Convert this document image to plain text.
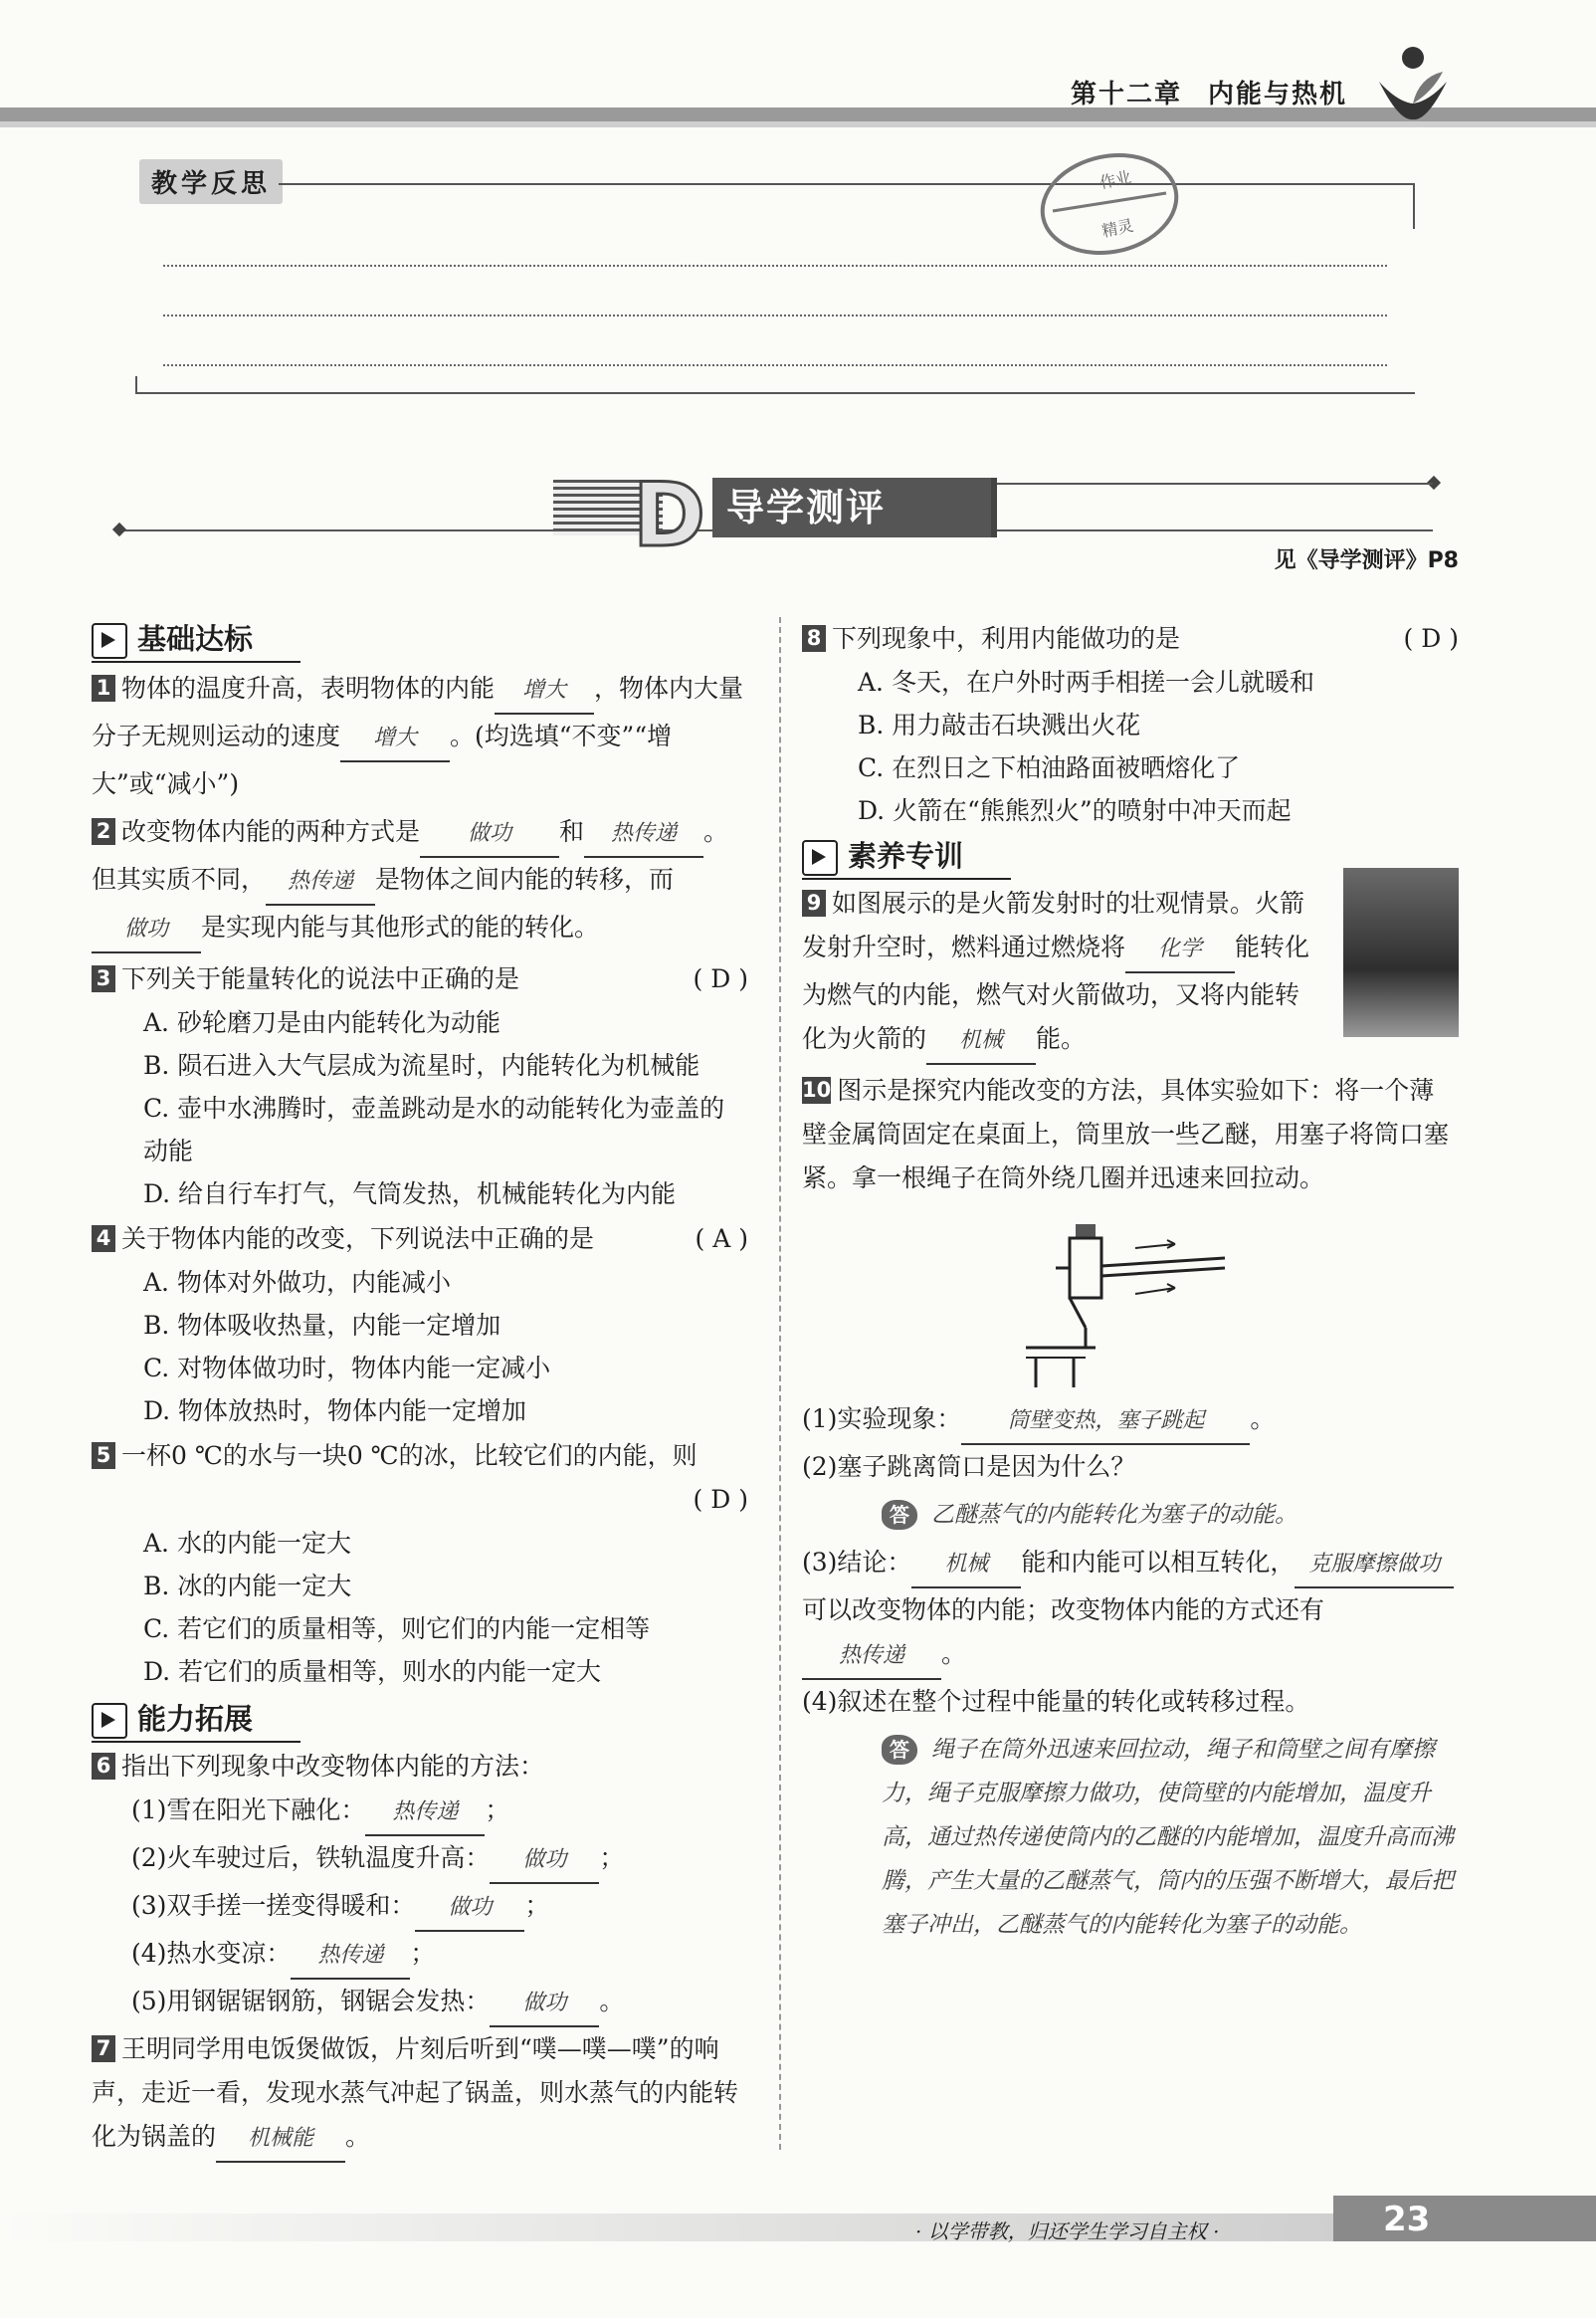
第十二章 内能与热机
教学反思	作业
精灵
D 导学测评
见《导学测评》P8
基础达标
1 物体的温度升高，表明物体的内能 增大 ，物体内大量分子无规则运动的速度 增大 。(均选填“不变”“增大”或“减小”)
2 改变物体内能的两种方式是 做功 和 热传递 。但其实质不同， 热传递 是物体之间内能的转移，而做功 是实现内能与其他形式的能的转化。
( D )
3 下列关于能量转化的说法中正确的是
A. 砂轮磨刀是由内能转化为动能
B. 陨石进入大气层成为流星时，内能转化为机械能
C. 壶中水沸腾时，壶盖跳动是水的动能转化为壶盖的动能
D. 给自行车打气，气筒发热，机械能转化为内能
( A )
4 关于物体内能的改变，下列说法中正确的是
A. 物体对外做功，内能减小
B. 物体吸收热量，内能一定增加
C. 对物体做功时，物体内能一定减小
D. 物体放热时，物体内能一定增加
5 一杯0 ℃的水与一块0 ℃的冰，比较它们的内能，则
( D )
A. 水的内能一定大
B. 冰的内能一定大
C. 若它们的质量相等，则它们的内能一定相等
D. 若它们的质量相等，则水的内能一定大
能力拓展
6 指出下列现象中改变物体内能的方法：
(1)雪在阳光下融化： 热传递 ；
(2)火车驶过后，铁轨温度升高： 做功 ；
(3)双手搓一搓变得暖和： 做功 ；
(4)热水变凉： 热传递 ；
(5)用钢锯锯钢筋，钢锯会发热： 做功 。
7 王明同学用电饭煲做饭，片刻后听到“噗—噗—噗”的响声，走近一看，发现水蒸气冲起了锅盖，则水蒸气的内能转化为锅盖的 机械能 。
( D )
8 下列现象中，利用内能做功的是
A. 冬天，在户外时两手相搓一会儿就暖和
B. 用力敲击石块溅出火花
C. 在烈日之下柏油路面被晒熔化了
D. 火箭在“熊熊烈火”的喷射中冲天而起
素养专训
9 如图展示的是火箭发射时的壮观情景。火箭发射升空时，燃料通过燃烧将 化学 能转化为燃气的内能，燃气对火箭做功，又将内能转化为火箭的 机械 能。
10 图示是探究内能改变的方法，具体实验如下：将一个薄壁金属筒固定在桌面上，筒里放一些乙醚，用塞子将筒口塞紧。拿一根绳子在筒外绕几圈并迅速来回拉动。
(1)实验现象： 筒壁变热，塞子跳起 。
(2)塞子跳离筒口是因为什么？
答 乙醚蒸气的内能转化为塞子的动能。
(3)结论： 机械 能和内能可以相互转化， 克服摩擦做功可以改变物体的内能；改变物体内能的方式还有热传递 。
(4)叙述在整个过程中能量的转化或转移过程。
答 绳子在筒外迅速来回拉动，绳子和筒壁之间有摩擦力，绳子克服摩擦力做功，使筒壁的内能增加，温度升高，通过热传递使筒内的乙醚的内能增加，温度升高而沸腾，产生大量的乙醚蒸气，筒内的压强不断增大，最后把塞子冲出，乙醚蒸气的内能转化为塞子的动能。
· 以学带教，归还学生学习自主权 ·	23
